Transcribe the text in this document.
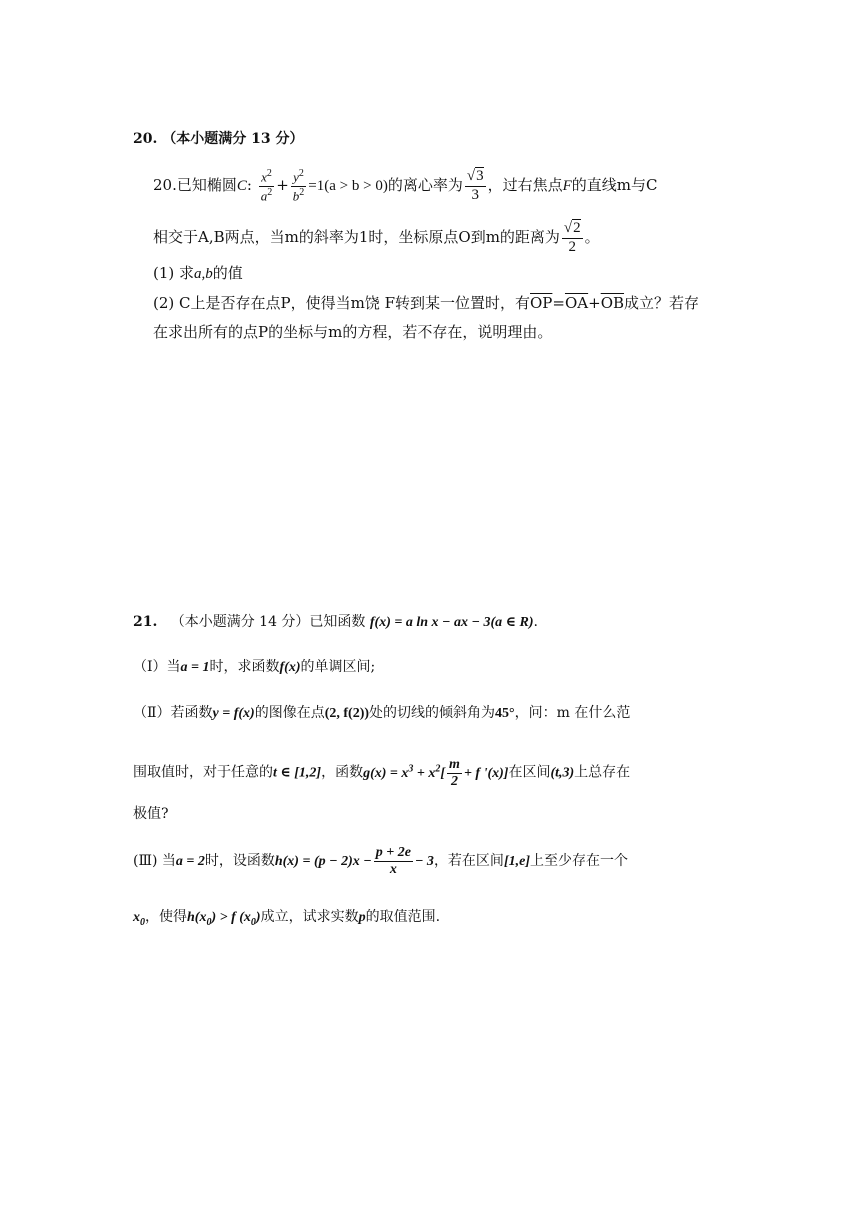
20. （本小题满分 13 分）
20.已知椭圆C: $\frac{x^2}{a^2} + \frac{y^2}{b^2} =1(a > b > 0)$的离心率为 $\frac{√3}{3}$ ，过右焦点F的直线m与C
相交于A,B两点，当m的斜率为1时，坐标原点O到m的距离为 $\frac{√2}{2}$ 。
(1) 求a,b的值
(2) C上是否存在点P，使得当m饶 F转到某一位置时，有$\overline{OP}=\overline{OA}+\overline{OB}$成立？若存
在求出所有的点P的坐标与m的方程，若不存在，说明理由。
21. （本小题满分 14 分）已知函数 f(x) = a ln x − ax − 3(a ∈ R).
（Ⅰ）当a = 1时，求函数f(x)的单调区间;
（Ⅱ）若函数y = f(x)的图像在点(2, f(2))处的切线的倾斜角为45°，问：m 在什么范
围取值时，对于任意的t ∈ [1,2]，函数$g(x) = x^3 + x^2[ \frac{m}{2} + f$ '(x)]在区间(t,3)上总存在
极值?
(Ⅲ) 当a = 2时，设函数$h(x) = (p - 2)x - \frac{p + 2e}{x} - 3$，若在区间[1,e]上至少存在一个
$x_0$，使得$h(x_0) > f$ $(x_0)$成立，试求实数p的取值范围.
